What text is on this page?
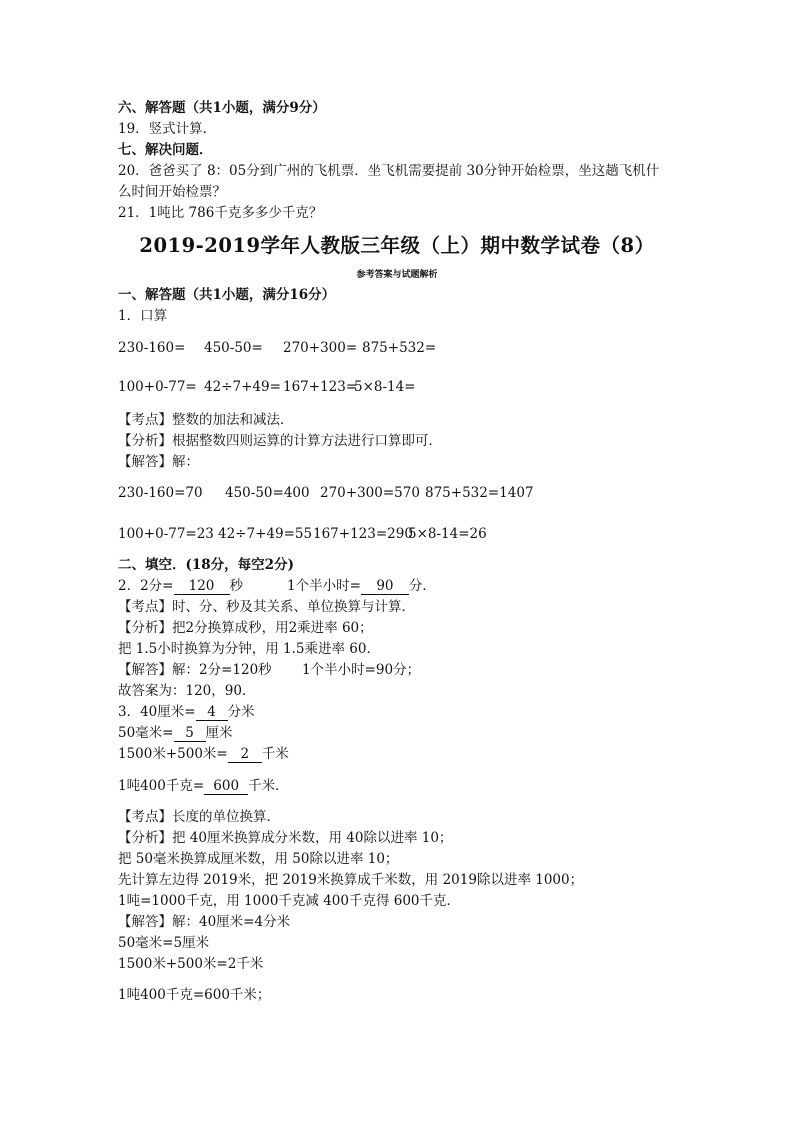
六、解答题（共1小题，满分9分）
19．竖式计算．
七、解决问题．
20．爸爸买了 8：05分到广州的飞机票．坐飞机需要提前 30分钟开始检票，坐这趟飞机什
么时间开始检票？
21．1吨比 786千克多多少千克？
2019-2019学年人教版三年级（上）期中数学试卷（8）
参考答案与试题解析
一、解答题（共1小题，满分16分）
1．口算
230-160= 450-50= 270+300= 875+532=
100+0-77= 42÷7+49= 167+123=5×8-14=
【考点】整数的加法和减法．
【分析】根据整数四则运算的计算方法进行口算即可．
【解答】解：
230-160=70 450-50=400 270+300=570 875+532=1407
100+0-77=23 42÷7+49=55167+123=2905×8-14=26
二、填空．(18分，每空2分)
2．2分= 120 秒	1个半小时= 90 分．
【考点】时、分、秒及其关系、单位换算与计算．
【分析】把2分换算成秒，用2乘进率 60；
把 1.5小时换算为分钟，用 1.5乘进率 60．
【解答】解：2分=120秒 1个半小时=90分；
故答案为：120，90．
3．40厘米= 4 分米
50毫米= 5 厘米
1500米+500米= 2 千米
1吨400千克= 600 千米．
【考点】长度的单位换算．
【分析】把 40厘米换算成分米数，用 40除以进率 10；
把 50毫米换算成厘米数，用 50除以进率 10；
先计算左边得 2019米，把 2019米换算成千米数，用 2019除以进率 1000；
1吨=1000千克，用 1000千克减 400千克得 600千克．
【解答】解：40厘米=4分米
50毫米=5厘米
1500米+500米=2千米
1吨400千克=600千米；
